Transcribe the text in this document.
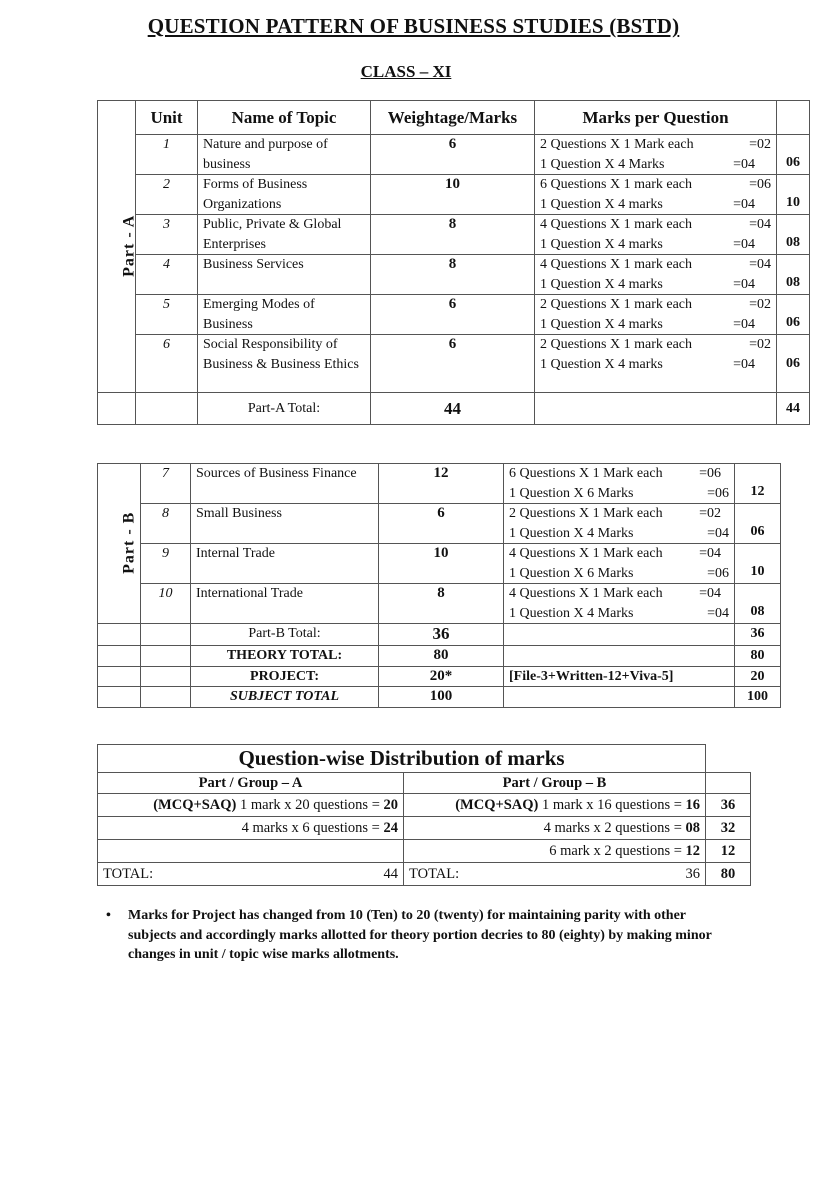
QUESTION PATTERN OF BUSINESS STUDIES (BSTD)
CLASS – XI
Part - A	Unit	Name of Topic	Weightage/Marks	Marks per Question	
	1	Nature and purpose of business	6	2 Questions X 1 Mark each =02
1 Question X 4 Marks =04	06
	2	Forms of Business Organizations	10	6 Questions X 1 mark each =06
1 Question X 4 marks =04	10
	3	Public, Private & Global Enterprises	8	4 Questions X 1 mark each =04
1 Question X 4 marks =04	08
	4	Business Services	8	4 Questions X 1 mark each =04
1 Question X 4 marks =04	08
	5	Emerging Modes of Business	6	2 Questions X 1 mark each =02
1 Question X 4 marks =04	06
	6	Social Responsibility of Business & Business Ethics	6	2 Questions X 1 mark each =02
1 Question X 4 marks =04	06
		Part-A Total:	44		44
Part - B	7	Sources of Business Finance	12	6 Questions X 1 Mark each =06
1 Question X 6 Marks =06	12
	8	Small Business	6	2 Questions X 1 Mark each =02
1 Question X 4 Marks =04	06
	9	Internal Trade	10	4 Questions X 1 Mark each =04
1 Question X 6 Marks =06	10
	10	International Trade	8	4 Questions X 1 Mark each =04
1 Question X 4 Marks =04	08
		Part-B Total:	36		36
		THEORY TOTAL:	80		80
		PROJECT:	20*	[File-3+Written-12+Viva-5]	20
		SUBJECT TOTAL	100		100
Question-wise Distribution of marks		
Part / Group – A	Part / Group – B	
(MCQ+SAQ) 1 mark x 20 questions = 20	(MCQ+SAQ) 1 mark x 16 questions = 16	36
4 marks x 6 questions = 24	4 marks x 2 questions = 08	32
	6 mark x 2 questions = 12	12

TOTAL: 44	TOTAL: 36	80
• Marks for Project has changed from 10 (Ten) to 20 (twenty) for maintaining parity with other subjects and accordingly marks allotted for theory portion decries to 80 (eighty) by making minor changes in unit / topic wise marks allotments.
